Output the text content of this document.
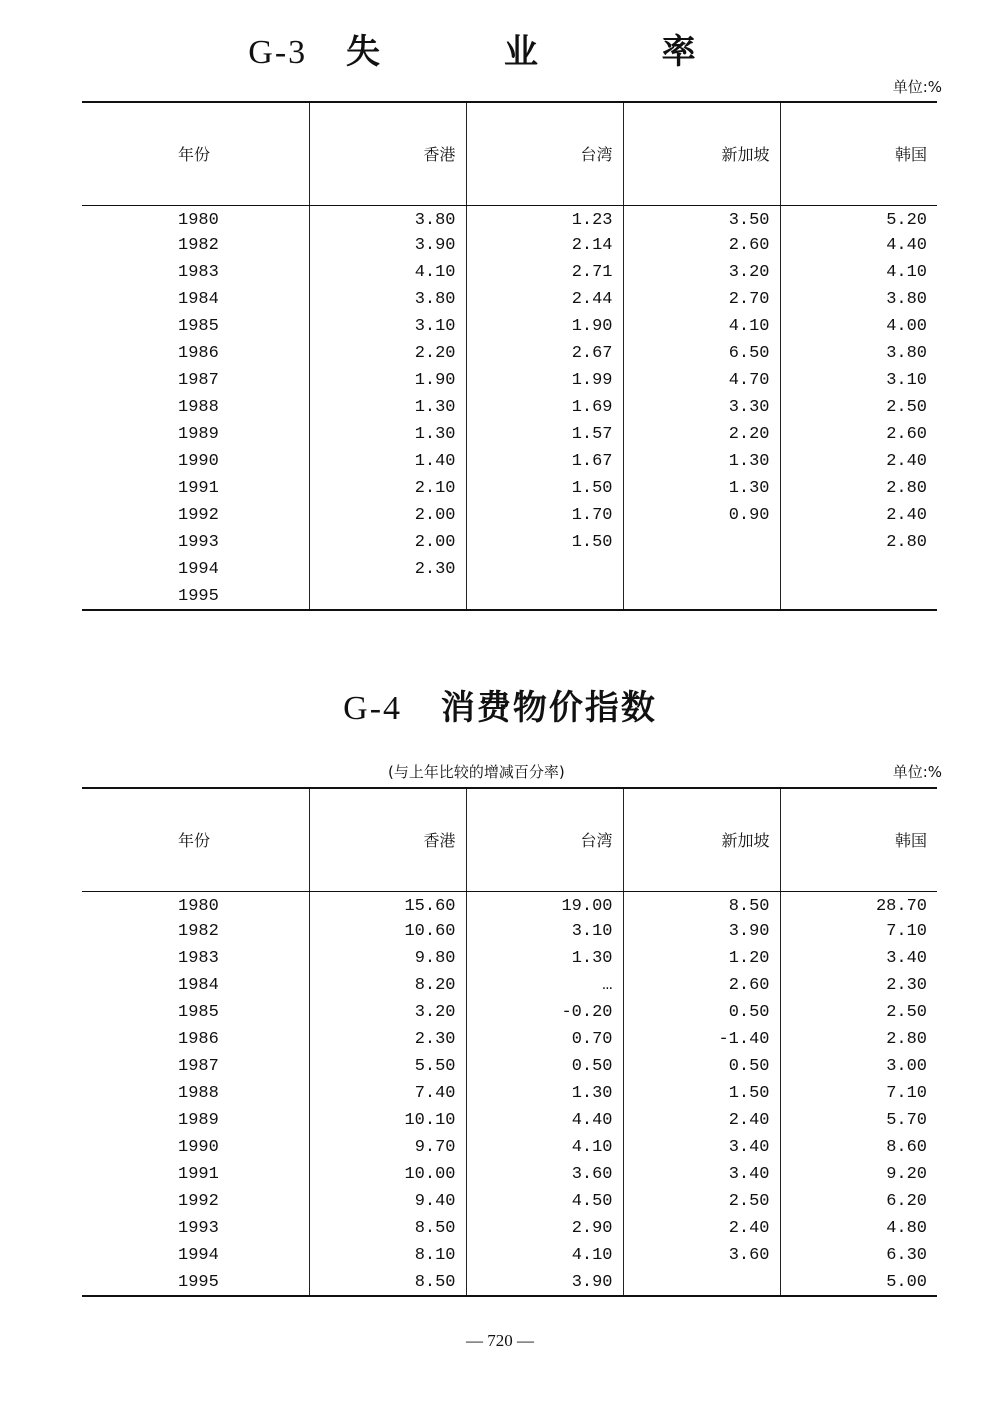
G-3 失 业 率
单位:%
年份	香港	台湾	新加坡	韩国
1980	3.80	1.23	3.50	5.20
1982	3.90	2.14	2.60	4.40
1983	4.10	2.71	3.20	4.10
1984	3.80	2.44	2.70	3.80
1985	3.10	1.90	4.10	4.00
1986	2.20	2.67	6.50	3.80
1987	1.90	1.99	4.70	3.10
1988	1.30	1.69	3.30	2.50
1989	1.30	1.57	2.20	2.60
1990	1.40	1.67	1.30	2.40
1991	2.10	1.50	1.30	2.80
1992	2.00	1.70	0.90	2.40
1993	2.00	1.50		2.80
1994	2.30			
1995				
G-4 消费物价指数
(与上年比较的增减百分率)	单位:%
年份	香港	台湾	新加坡	韩国
1980	15.60	19.00	8.50	28.70
1982	10.60	3.10	3.90	7.10
1983	9.80	1.30	1.20	3.40
1984	8.20	…	2.60	2.30
1985	3.20	-0.20	0.50	2.50
1986	2.30	0.70	-1.40	2.80
1987	5.50	0.50	0.50	3.00
1988	7.40	1.30	1.50	7.10
1989	10.10	4.40	2.40	5.70
1990	9.70	4.10	3.40	8.60
1991	10.00	3.60	3.40	9.20
1992	9.40	4.50	2.50	6.20
1993	8.50	2.90	2.40	4.80
1994	8.10	4.10	3.60	6.30
1995	8.50	3.90		5.00
— 720 —
